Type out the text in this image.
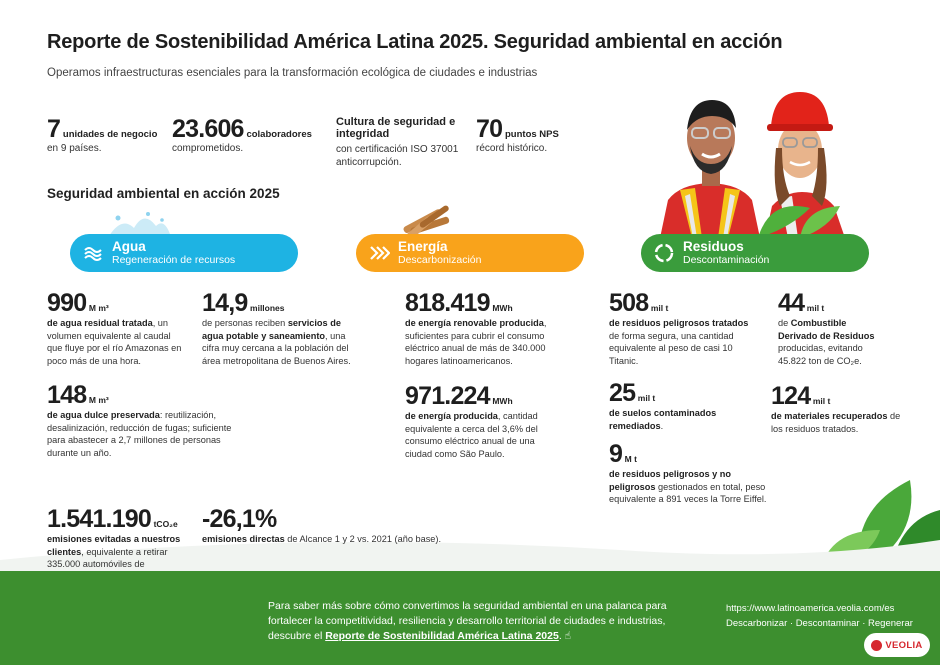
Reporte de Sostenibilidad América Latina 2025. Seguridad ambiental en acción

Operamos infraestructuras esenciales para la transformación ecológica de ciudades e industrias

7 unidades de negocio
en 9 países.
23.606 colaboradores
comprometidos.
Cultura de seguridad e integridad
con certificación ISO 37001 anticorrupción.
70 puntos NPS
récord histórico.
Seguridad ambiental en acción 2025
Agua
Regeneración de recursos
Energía
Descarbonización
Residuos
Descontaminación
990 M m³
de agua residual tratada, un volumen equivalente al caudal que fluye por el río Amazonas en poco más de una hora.
14,9 millones
de personas reciben servicios de agua potable y saneamiento, una cifra muy cercana a la población del área metropolitana de Buenos Aires.
148 M m³
de agua dulce preservada: reutilización, desalinización, reducción de fugas; suficiente para abastecer a 2,7 millones de personas durante un año.
818.419 MWh
de energía renovable producida, suficientes para cubrir el consumo eléctrico anual de más de 340.000 hogares latinoamericanos.
971.224 MWh
de energía producida, cantidad equivalente a cerca del 3,6% del consumo eléctrico anual de una ciudad como São Paulo.
508 mil t
de residuos peligrosos tratados de forma segura, una cantidad equivalente al peso de casi 10 Titanic.
44 mil t
de Combustible Derivado de Residuos producidas, evitando 45.822 ton de CO₂e.
25 mil t
de suelos contaminados remediados.
124 mil t
de materiales recuperados de los residuos tratados.
9 M t
de residuos peligrosos y no peligrosos gestionados en total, peso equivalente a 891 veces la Torre Eiffel.
1.541.190 tCO₂e
emisiones evitadas a nuestros clientes, equivalente a retirar 335.000 automóviles de
-26,1%
emisiones directas de Alcance 1 y 2 vs. 2021 (año base).

Para saber más sobre cómo convertimos la seguridad ambiental en una palanca para fortalecer la competitividad, resiliencia y desarrollo territorial de ciudades e industrias, descubre el Reporte de Sostenibilidad América Latina 2025. ☝

https://www.latinoamerica.veolia.com/es
Descarbonizar · Descontaminar · Regenerar
VEOLIA
